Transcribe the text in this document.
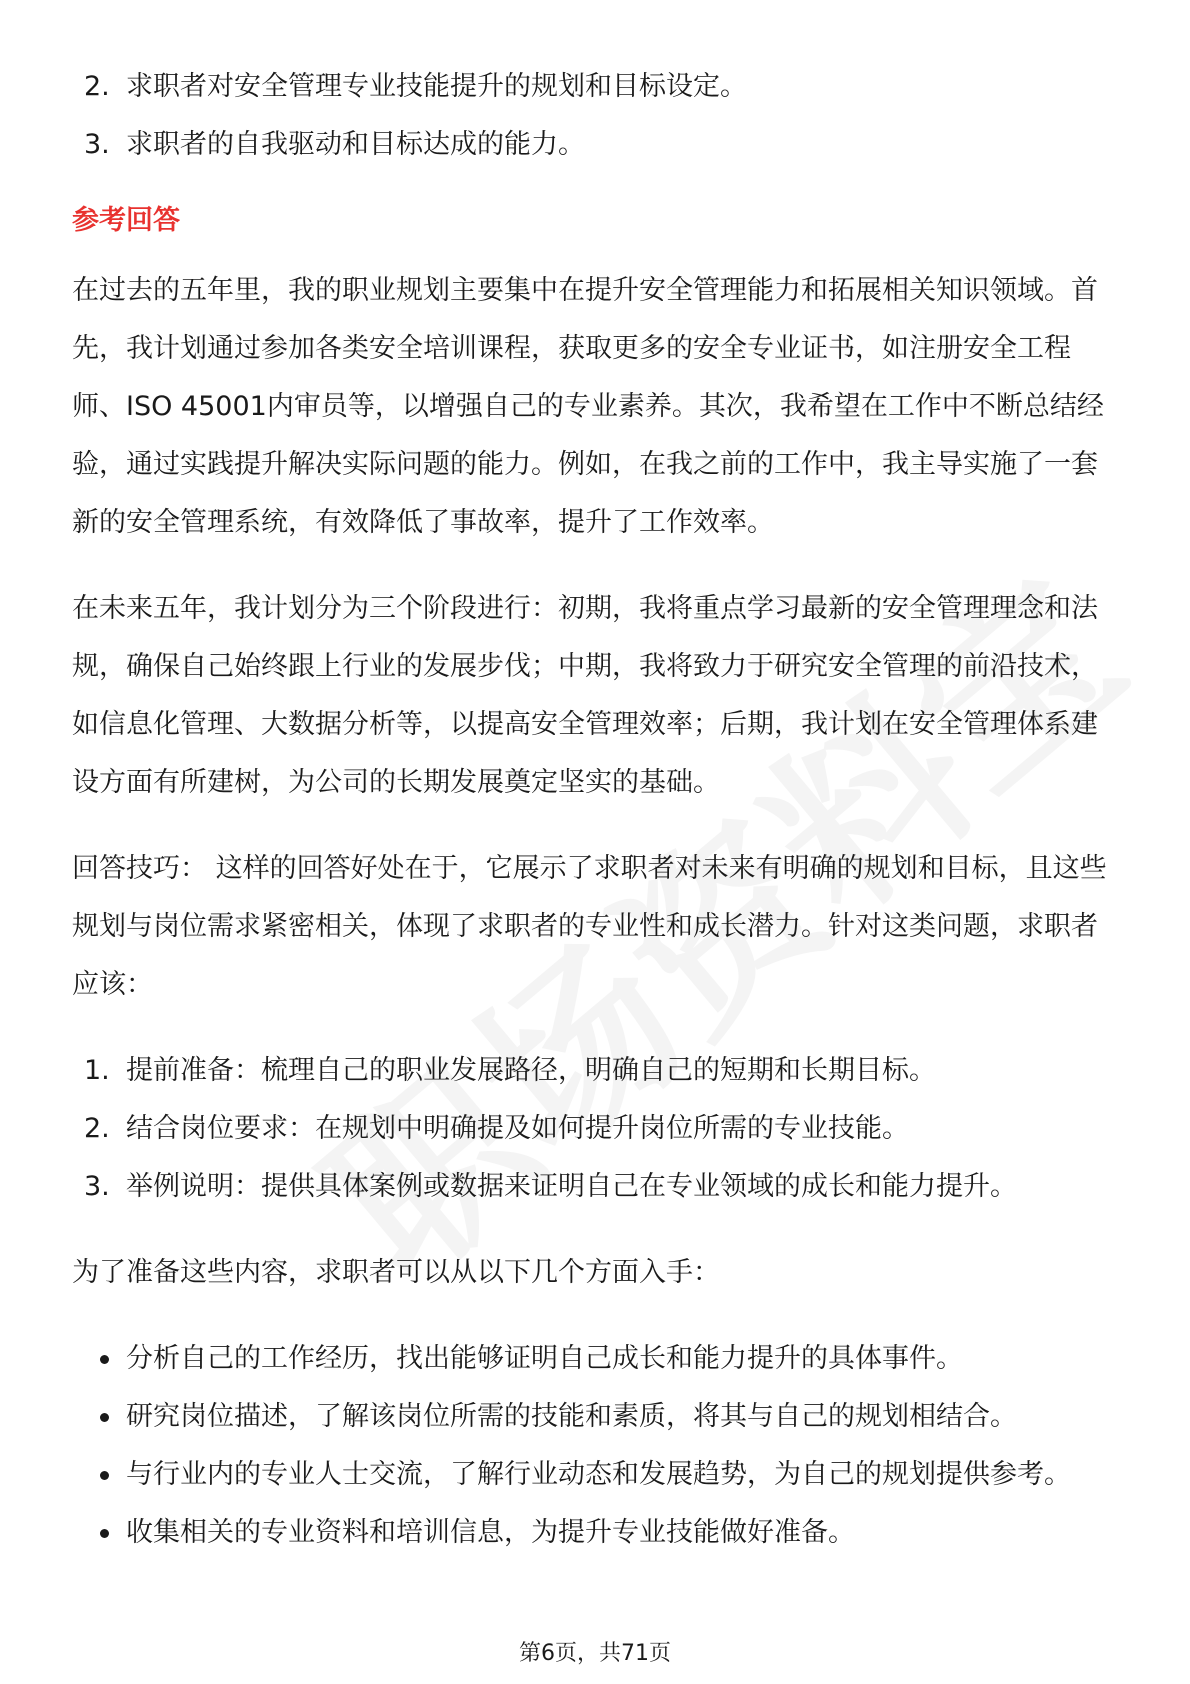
2. 求职者对安全管理专业技能提升的规划和目标设定。
3. 求职者的自我驱动和目标达成的能力。
参考回答

在过去的五年里，我的职业规划主要集中在提升安全管理能力和拓展相关知识领域。首先，我计划通过参加各类安全培训课程，获取更多的安全专业证书，如注册安全工程师、ISO 45001内审员等，以增强自己的专业素养。其次，我希望在工作中不断总结经验，通过实践提升解决实际问题的能力。例如，在我之前的工作中，我主导实施了一套新的安全管理系统，有效降低了事故率，提升了工作效率。

在未来五年，我计划分为三个阶段进行：初期，我将重点学习最新的安全管理理念和法规，确保自己始终跟上行业的发展步伐；中期，我将致力于研究安全管理的前沿技术，如信息化管理、大数据分析等，以提高安全管理效率；后期，我计划在安全管理体系建设方面有所建树，为公司的长期发展奠定坚实的基础。

回答技巧： 这样的回答好处在于，它展示了求职者对未来有明确的规划和目标，且这些规划与岗位需求紧密相关，体现了求职者的专业性和成长潜力。针对这类问题，求职者应该：

1. 提前准备：梳理自己的职业发展路径，明确自己的短期和长期目标。
2. 结合岗位要求：在规划中明确提及如何提升岗位所需的专业技能。
3. 举例说明：提供具体案例或数据来证明自己在专业领域的成长和能力提升。

为了准备这些内容，求职者可以从以下几个方面入手：

分析自己的工作经历，找出能够证明自己成长和能力提升的具体事件。
研究岗位描述，了解该岗位所需的技能和素质，将其与自己的规划相结合。
与行业内的专业人士交流，了解行业动态和发展趋势，为自己的规划提供参考。
收集相关的专业资料和培训信息，为提升专业技能做好准备。
第6页，共71页
